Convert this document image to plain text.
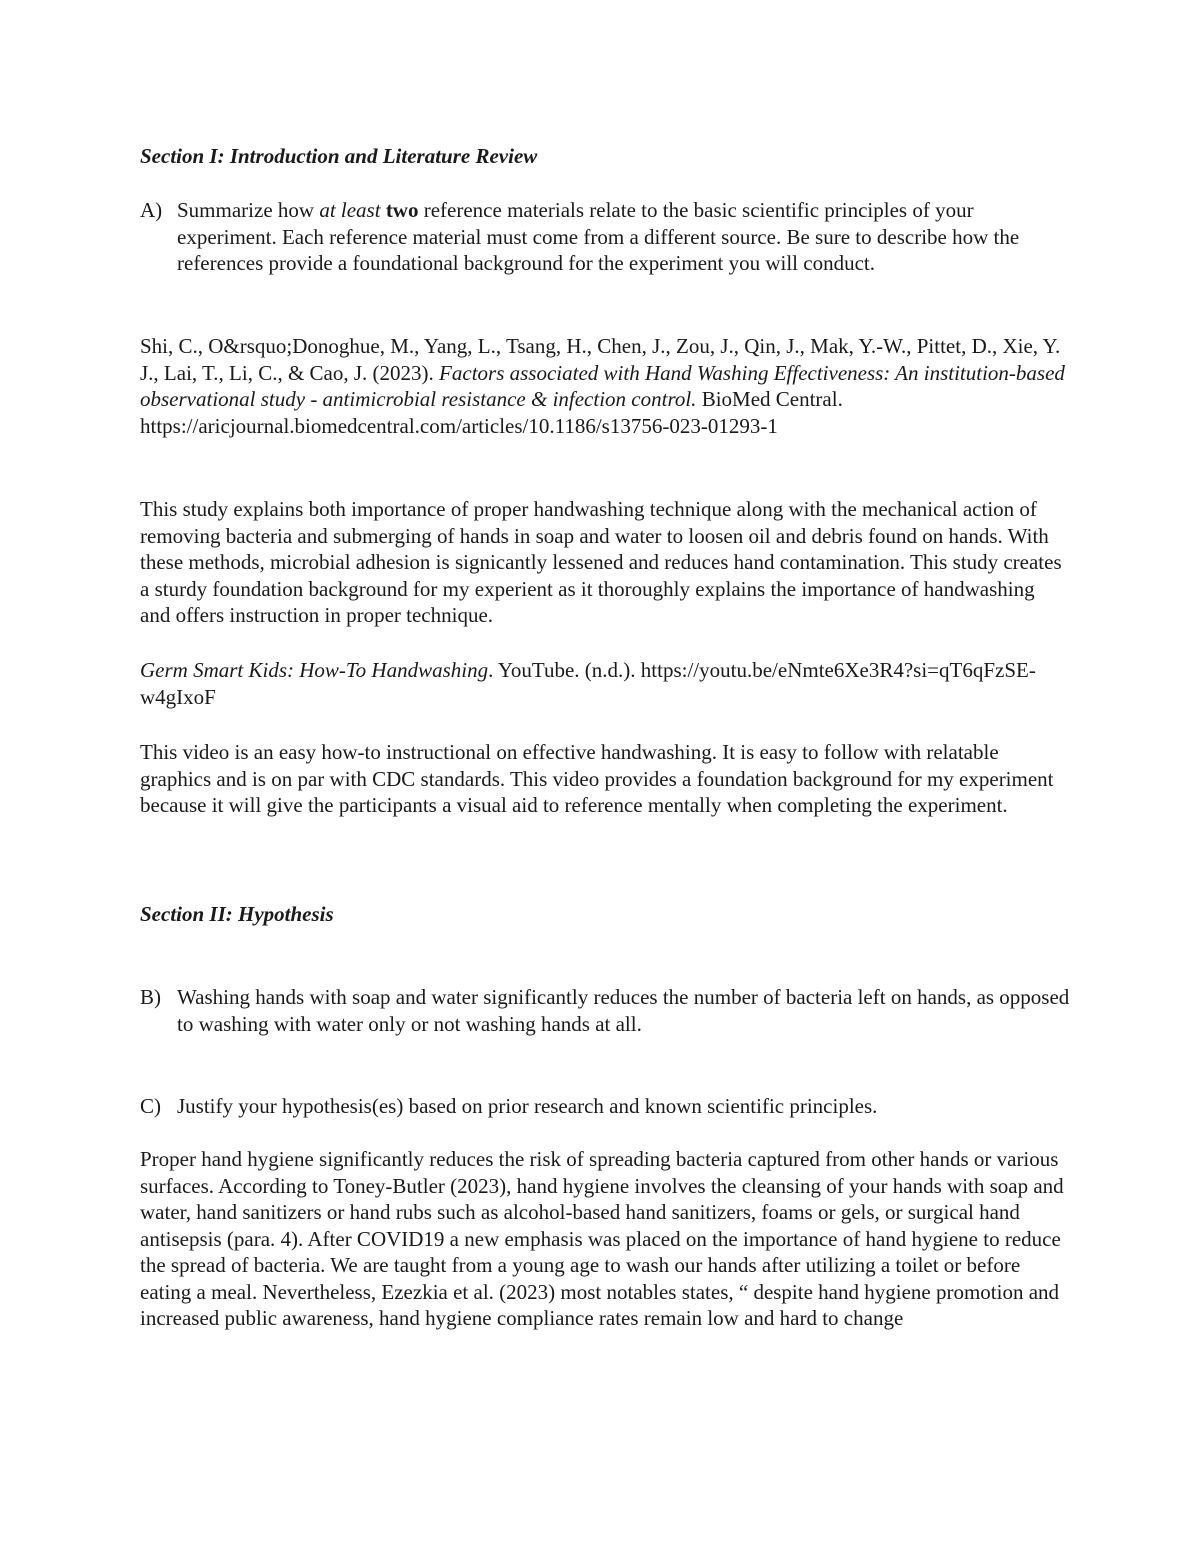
Section I: Introduction and Literature Review

A) Summarize how at least two reference materials relate to the basic scientific principles of your experiment. Each reference material must come from a different source. Be sure to describe how the references provide a foundational background for the experiment you will conduct.

Shi, C., O&rsquo;Donoghue, M., Yang, L., Tsang, H., Chen, J., Zou, J., Qin, J., Mak, Y.-W., Pittet, D., Xie, Y. J., Lai, T., Li, C., & Cao, J. (2023). Factors associated with Hand Washing Effectiveness: An institution-based observational study - antimicrobial resistance & infection control. BioMed Central. https://aricjournal.biomedcentral.com/articles/10.1186/s13756-023-01293-1

This study explains both importance of proper handwashing technique along with the mechanical action of removing bacteria and submerging of hands in soap and water to loosen oil and debris found on hands. With these methods, microbial adhesion is signicantly lessened and reduces hand contamination. This study creates a sturdy foundation background for my experient as it thoroughly explains the importance of handwashing and offers instruction in proper technique.

Germ Smart Kids: How-To Handwashing. YouTube. (n.d.). https://youtu.be/eNmte6Xe3R4?si=qT6qFzSE-w4gIxoF

This video is an easy how-to instructional on effective handwashing. It is easy to follow with relatable graphics and is on par with CDC standards. This video provides a foundation background for my experiment because it will give the participants a visual aid to reference mentally when completing the experiment.

Section II: Hypothesis

B) Washing hands with soap and water significantly reduces the number of bacteria left on hands, as opposed to washing with water only or not washing hands at all.
C) Justify your hypothesis(es) based on prior research and known scientific principles.

Proper hand hygiene significantly reduces the risk of spreading bacteria captured from other hands or various surfaces. According to Toney-Butler (2023), hand hygiene involves the cleansing of your hands with soap and water, hand sanitizers or hand rubs such as alcohol-based hand sanitizers, foams or gels, or surgical hand antisepsis (para. 4). After COVID19 a new emphasis was placed on the importance of hand hygiene to reduce the spread of bacteria. We are taught from a young age to wash our hands after utilizing a toilet or before eating a meal. Nevertheless, Ezezkia et al. (2023) most notables states, “ despite hand hygiene promotion and increased public awareness, hand hygiene compliance rates remain low and hard to change
